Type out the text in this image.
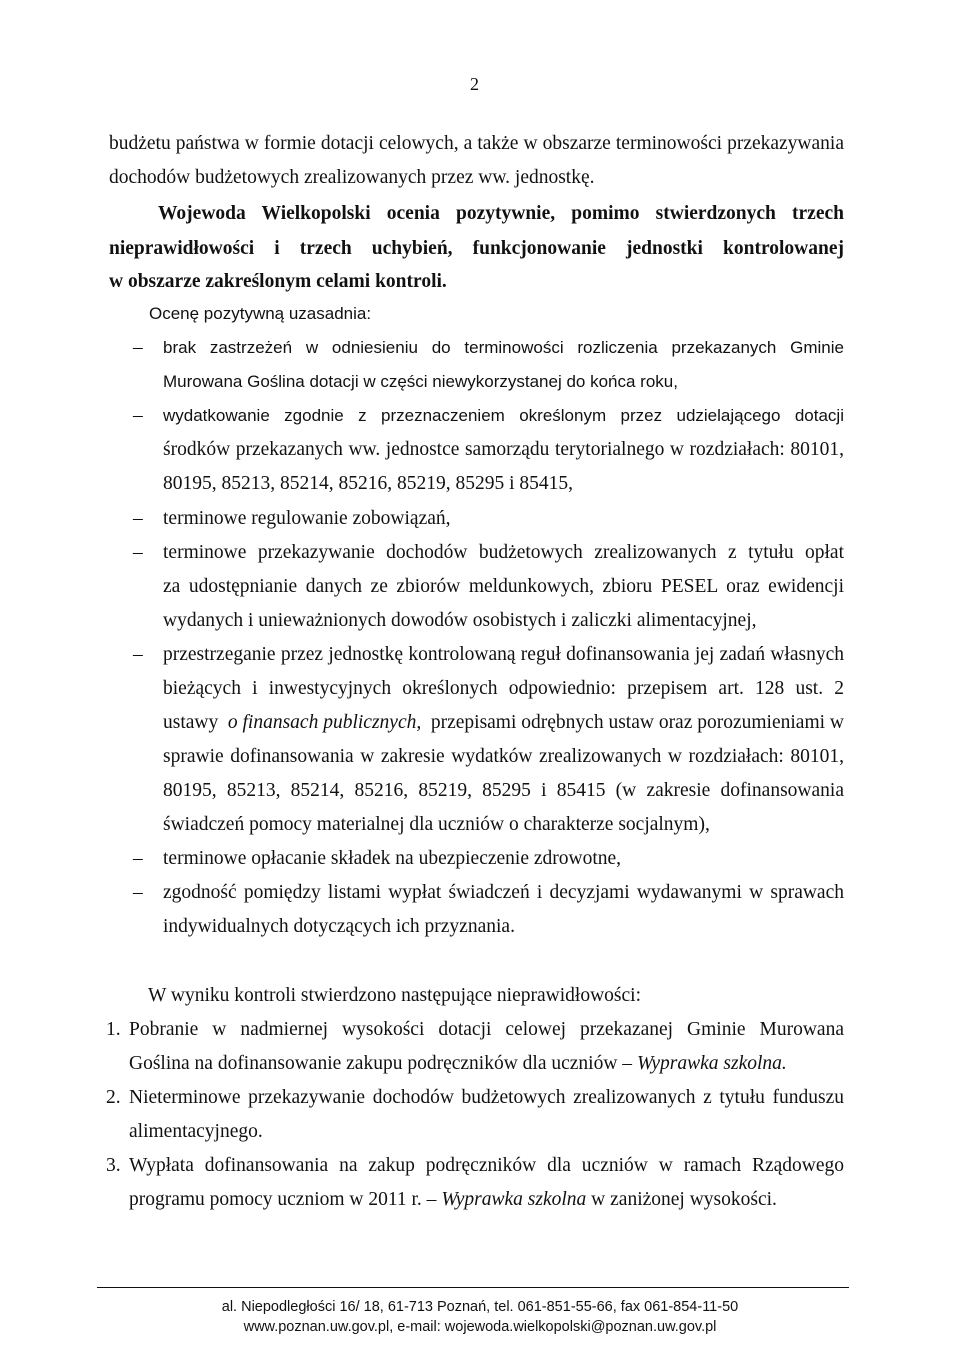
2
budżetu państwa w formie dotacji celowych, a także w obszarze terminowości przekazywania
dochodów budżetowych zrealizowanych przez ww. jednostkę.
Wojewoda Wielkopolski ocenia pozytywnie, pomimo stwierdzonych trzech
nieprawidłowości i trzech uchybień, funkcjonowanie jednostki kontrolowanej
w obszarze zakreślonym celami kontroli.
Ocenę pozytywną uzasadnia:
– brak zastrzeżeń w odniesieniu do terminowości rozliczenia przekazanych Gminie
Murowana Goślina dotacji w części niewykorzystanej do końca roku,
– wydatkowanie zgodnie z przeznaczeniem określonym przez udzielającego dotacji
środków przekazanych ww. jednostce samorządu terytorialnego w rozdziałach: 80101,
80195, 85213, 85214, 85216, 85219, 85295 i 85415,
– terminowe regulowanie zobowiązań,
– terminowe przekazywanie dochodów budżetowych zrealizowanych z tytułu opłat
za udostępnianie danych ze zbiorów meldunkowych, zbioru PESEL oraz ewidencji
wydanych i unieważnionych dowodów osobistych i zaliczki alimentacyjnej,
– przestrzeganie przez jednostkę kontrolowaną reguł dofinansowania jej zadań własnych
bieżących i inwestycyjnych określonych odpowiednio: przepisem art. 128 ust. 2
ustawy o finansach publicznych, przepisami odrębnych ustaw oraz porozumieniami w
sprawie dofinansowania w zakresie wydatków zrealizowanych w rozdziałach: 80101,
80195, 85213, 85214, 85216, 85219, 85295 i 85415 (w zakresie dofinansowania
świadczeń pomocy materialnej dla uczniów o charakterze socjalnym),
– terminowe opłacanie składek na ubezpieczenie zdrowotne,
– zgodność pomiędzy listami wypłat świadczeń i decyzjami wydawanymi w sprawach
indywidualnych dotyczących ich przyznania.
W wyniku kontroli stwierdzono następujące nieprawidłowości:
1. Pobranie w nadmiernej wysokości dotacji celowej przekazanej Gminie Murowana
Goślina na dofinansowanie zakupu podręczników dla uczniów – Wyprawka szkolna.
2. Nieterminowe przekazywanie dochodów budżetowych zrealizowanych z tytułu funduszu
alimentacyjnego.
3. Wypłata dofinansowania na zakup podręczników dla uczniów w ramach Rządowego
programu pomocy uczniom w 2011 r. – Wyprawka szkolna w zaniżonej wysokości.
al. Niepodległości 16/ 18, 61-713 Poznań, tel. 061-851-55-66, fax 061-854-11-50
www.poznan.uw.gov.pl, e-mail: wojewoda.wielkopolski@poznan.uw.gov.pl
